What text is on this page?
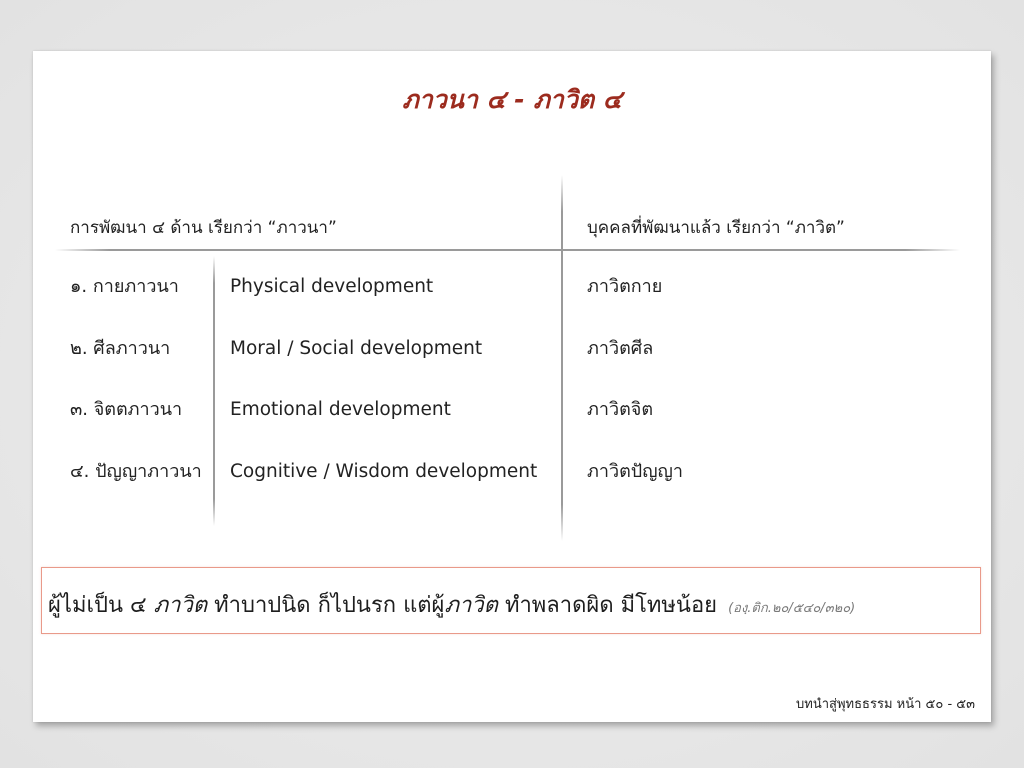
ภาวนา ๔ - ภาวิต ๔
การพัฒนา ๔ ด้าน เรียกว่า “ภาวนา”	บุคคลที่พัฒนาแล้ว เรียกว่า “ภาวิต”
๑. กายภาวนา	Physical development	ภาวิตกาย
๒. ศีลภาวนา	Moral / Social development	ภาวิตศีล
๓. จิตตภาวนา	Emotional development	ภาวิตจิต
๔. ปัญญาภาวนา Cognitive / Wisdom development	ภาวิตปัญญา
ผู้ไม่เป็น ๔ ภาวิต ทำบาปนิด ก็ไปนรก แต่ผู้ภาวิต ทำพลาดผิด มีโทษน้อย (องฺ.ติก.๒๐/๕๔๐/๓๒๐)
บทนำสู่พุทธธรรม หน้า ๕๐ - ๕๓
